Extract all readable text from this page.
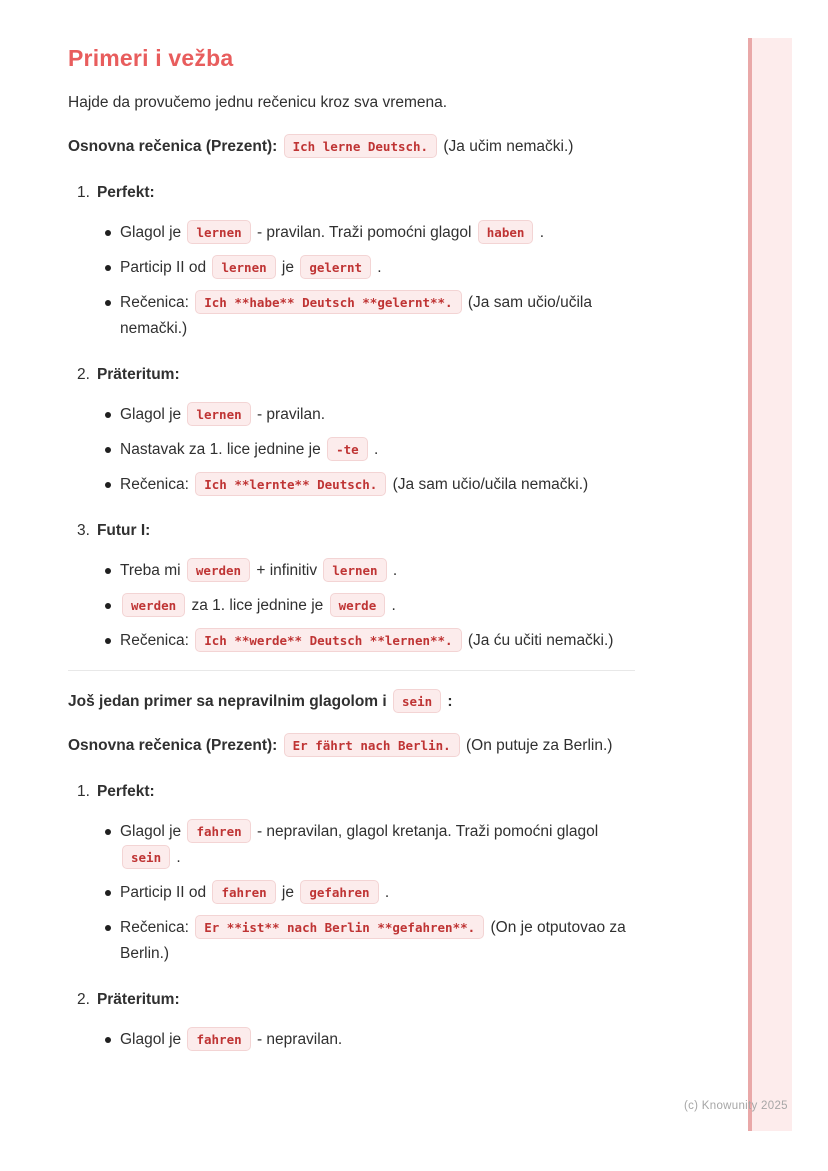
Primeri i vežba

Hajde da provučemo jednu rečenicu kroz sva vremena.

Osnovna rečenica (Prezent): Ich lerne Deutsch. (Ja učim nemački.)

1. Perfekt:
Glagol je lernen - pravilan. Traži pomoćni glagol haben .
Particip II od lernen je gelernt .
Rečenica: Ich **habe** Deutsch **gelernt**. (Ja sam učio/učila nemački.)
2. Präteritum:
Glagol je lernen - pravilan.
Nastavak za 1. lice jednine je -te .
Rečenica: Ich **lernte** Deutsch. (Ja sam učio/učila nemački.)
3. Futur I:
Treba mi werden + infinitiv lernen .
werden za 1. lice jednine je werde .
Rečenica: Ich **werde** Deutsch **lernen**. (Ja ću učiti nemački.)

Još jedan primer sa nepravilnim glagolom i sein :

Osnovna rečenica (Prezent): Er fährt nach Berlin. (On putuje za Berlin.)

1. Perfekt:
Glagol je fahren - nepravilan, glagol kretanja. Traži pomoćni glagol sein .
Particip II od fahren je gefahren .
Rečenica: Er **ist** nach Berlin **gefahren**. (On je otputovao za Berlin.)
2. Präteritum:
Glagol je fahren - nepravilan.
(c) Knowunity 2025
